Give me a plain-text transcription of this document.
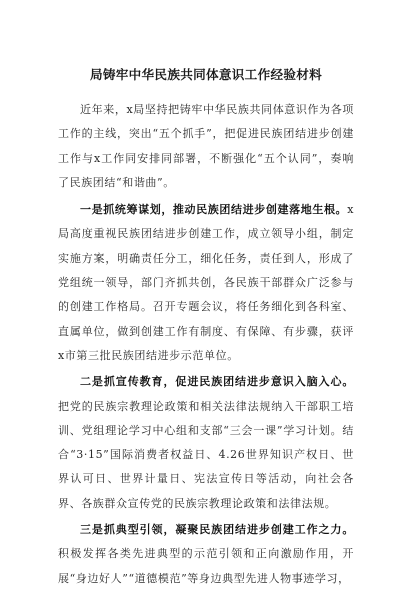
局铸牢中华民族共同体意识工作经验材料

近年来，x局坚持把铸牢中华民族共同体意识作为各项工作的主线，突出“五个抓手”，把促进民族团结进步创建工作与x工作同安排同部署，不断强化“五个认同”，奏响了民族团结“和谐曲”。

一是抓统筹谋划，推动民族团结进步创建落地生根。x局高度重视民族团结进步创建工作，成立领导小组，制定实施方案，明确责任分工，细化任务，责任到人，形成了党组统一领导，部门齐抓共创，各民族干部群众广泛参与的创建工作格局。召开专题会议，将任务细化到各科室、直属单位，做到创建工作有制度、有保障、有步骤，获评x市第三批民族团结进步示范单位。

二是抓宣传教育，促进民族团结进步意识入脑入心。把党的民族宗教理论政策和相关法律法规纳入干部职工培训、党组理论学习中心组和支部“三会一课”学习计划。结合“3·15”国际消费者权益日、4.26世界知识产权日、世界认可日、世界计量日、宪法宣传日等活动，向社会各界、各族群众宣传党的民族宗教理论政策和法律法规。

三是抓典型引领，凝聚民族团结进步创建工作之力。积极发挥各类先进典型的示范引领和正向激励作用，开展“身边好人”“道德模范”等身边典型先进人物事迹学习，
